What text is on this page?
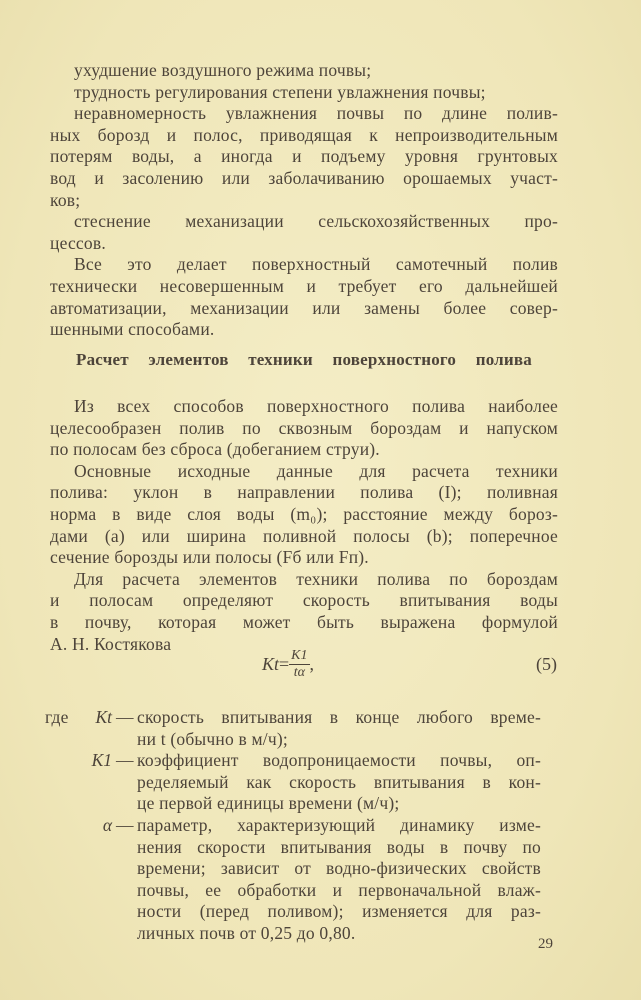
ухудшение воздушного режима почвы;
трудность регулирования степени увлажнения почвы;
неравномерность увлажнения почвы по длине полив-
ных борозд и полос, приводящая к непроизводительным
потерям воды, а иногда и подъему уровня грунтовых
вод и засолению или заболачиванию орошаемых участ-
ков;
стеснение механизации сельскохозяйственных про-
цессов.
Все это делает поверхностный самотечный полив
технически несовершенным и требует его дальнейшей
автоматизации, механизации или замены более совер-
шенными способами.
Расчет элементов техники поверхностного полива
Из всех способов поверхностного полива наиболее
целесообразен полив по сквозным бороздам и напуском
по полосам без сброса (добеганием струи).
Основные исходные данные для расчета техники
полива: уклон в направлении полива (I); поливная
норма в виде слоя воды (m₀); расстояние между бороз-
дами (a) или ширина поливной полосы (b); поперечное
сечение борозды или полосы (Fб или Fп).
Для расчета элементов техники полива по бороздам
и полосам определяют скорость впитывания воды
в почву, которая может быть выражена формулой
А. Н. Костякова
где Kt — скорость впитывания в конце любого време-
ни t (обычно в м/ч);
K1 — коэффициент водопроницаемости почвы, оп-
ределяемый как скорость впитывания в кон-
це первой единицы времени (м/ч);
α — параметр, характеризующий динамику изме-
нения скорости впитывания воды в почву по
времени; зависит от водно-физических свойств
почвы, ее обработки и первоначальной влаж-
ности (перед поливом); изменяется для раз-
личных почв от 0,25 до 0,80.
$Kt= \frac{K1}{t\alpha}$ ,	(5)
29
